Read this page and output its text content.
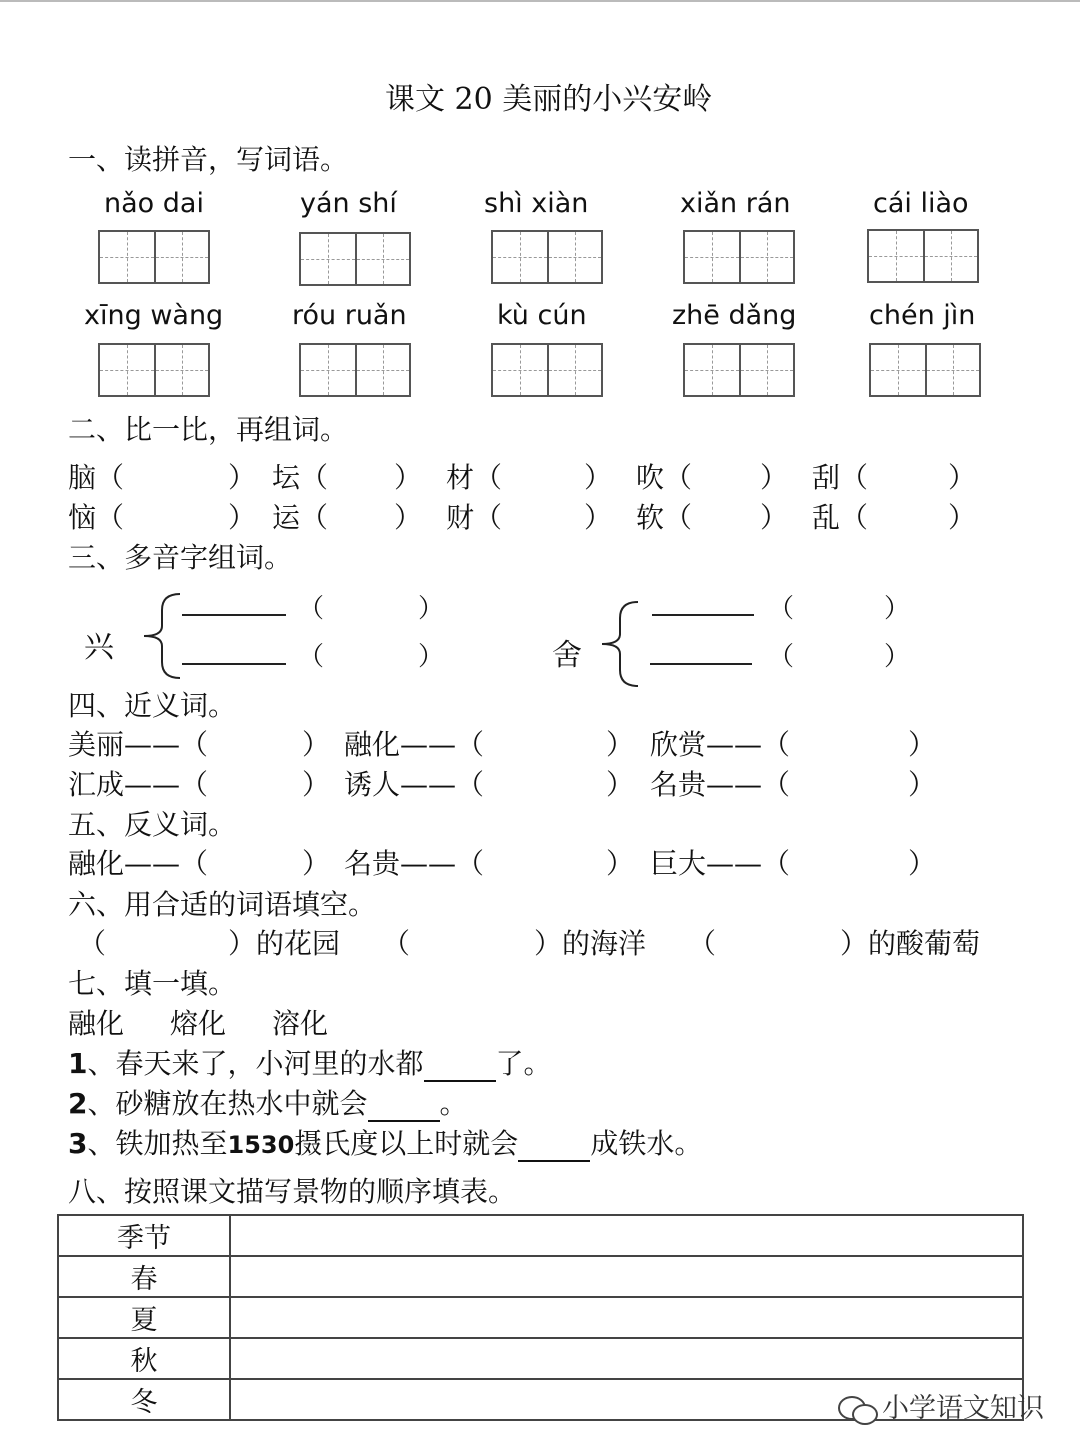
课文 20 美丽的小兴安岭
一、读拼音，写词语。
nǎo dai	yán shí	shì xiàn	xiǎn rán	cái liào
xīng wàng	róu ruǎn	kù cún	zhē dǎng	chén jìn
二、比一比，再组词。
脑（	） 坛（ ） 材（	） 吹（ ） 刮（	）
恼（	） 运（ ） 财（	） 软（ ） 乱（	）
三、多音字组词。
兴
（	）
（	）	舍
（	）
（	）
四、近义词。
美丽——（	） 融化——（	） 欣赏——（	）
汇成——（	） 诱人——（	） 名贵——（	）
五、反义词。
融化——（	） 名贵——（	） 巨大——（	）
六、用合适的词语填空。
（	）的花园 （	）的海洋 （	）的酸葡萄
七、填一填。
融化 熔化 溶化
1、春天来了，小河里的水都	了。
2、砂糖放在热水中就会	。
3、铁加热至1530摄氏度以上时就会	成铁水。
八、按照课文描写景物的顺序填表。
季节	
春	
夏	
秋	
冬		小学语文知识
